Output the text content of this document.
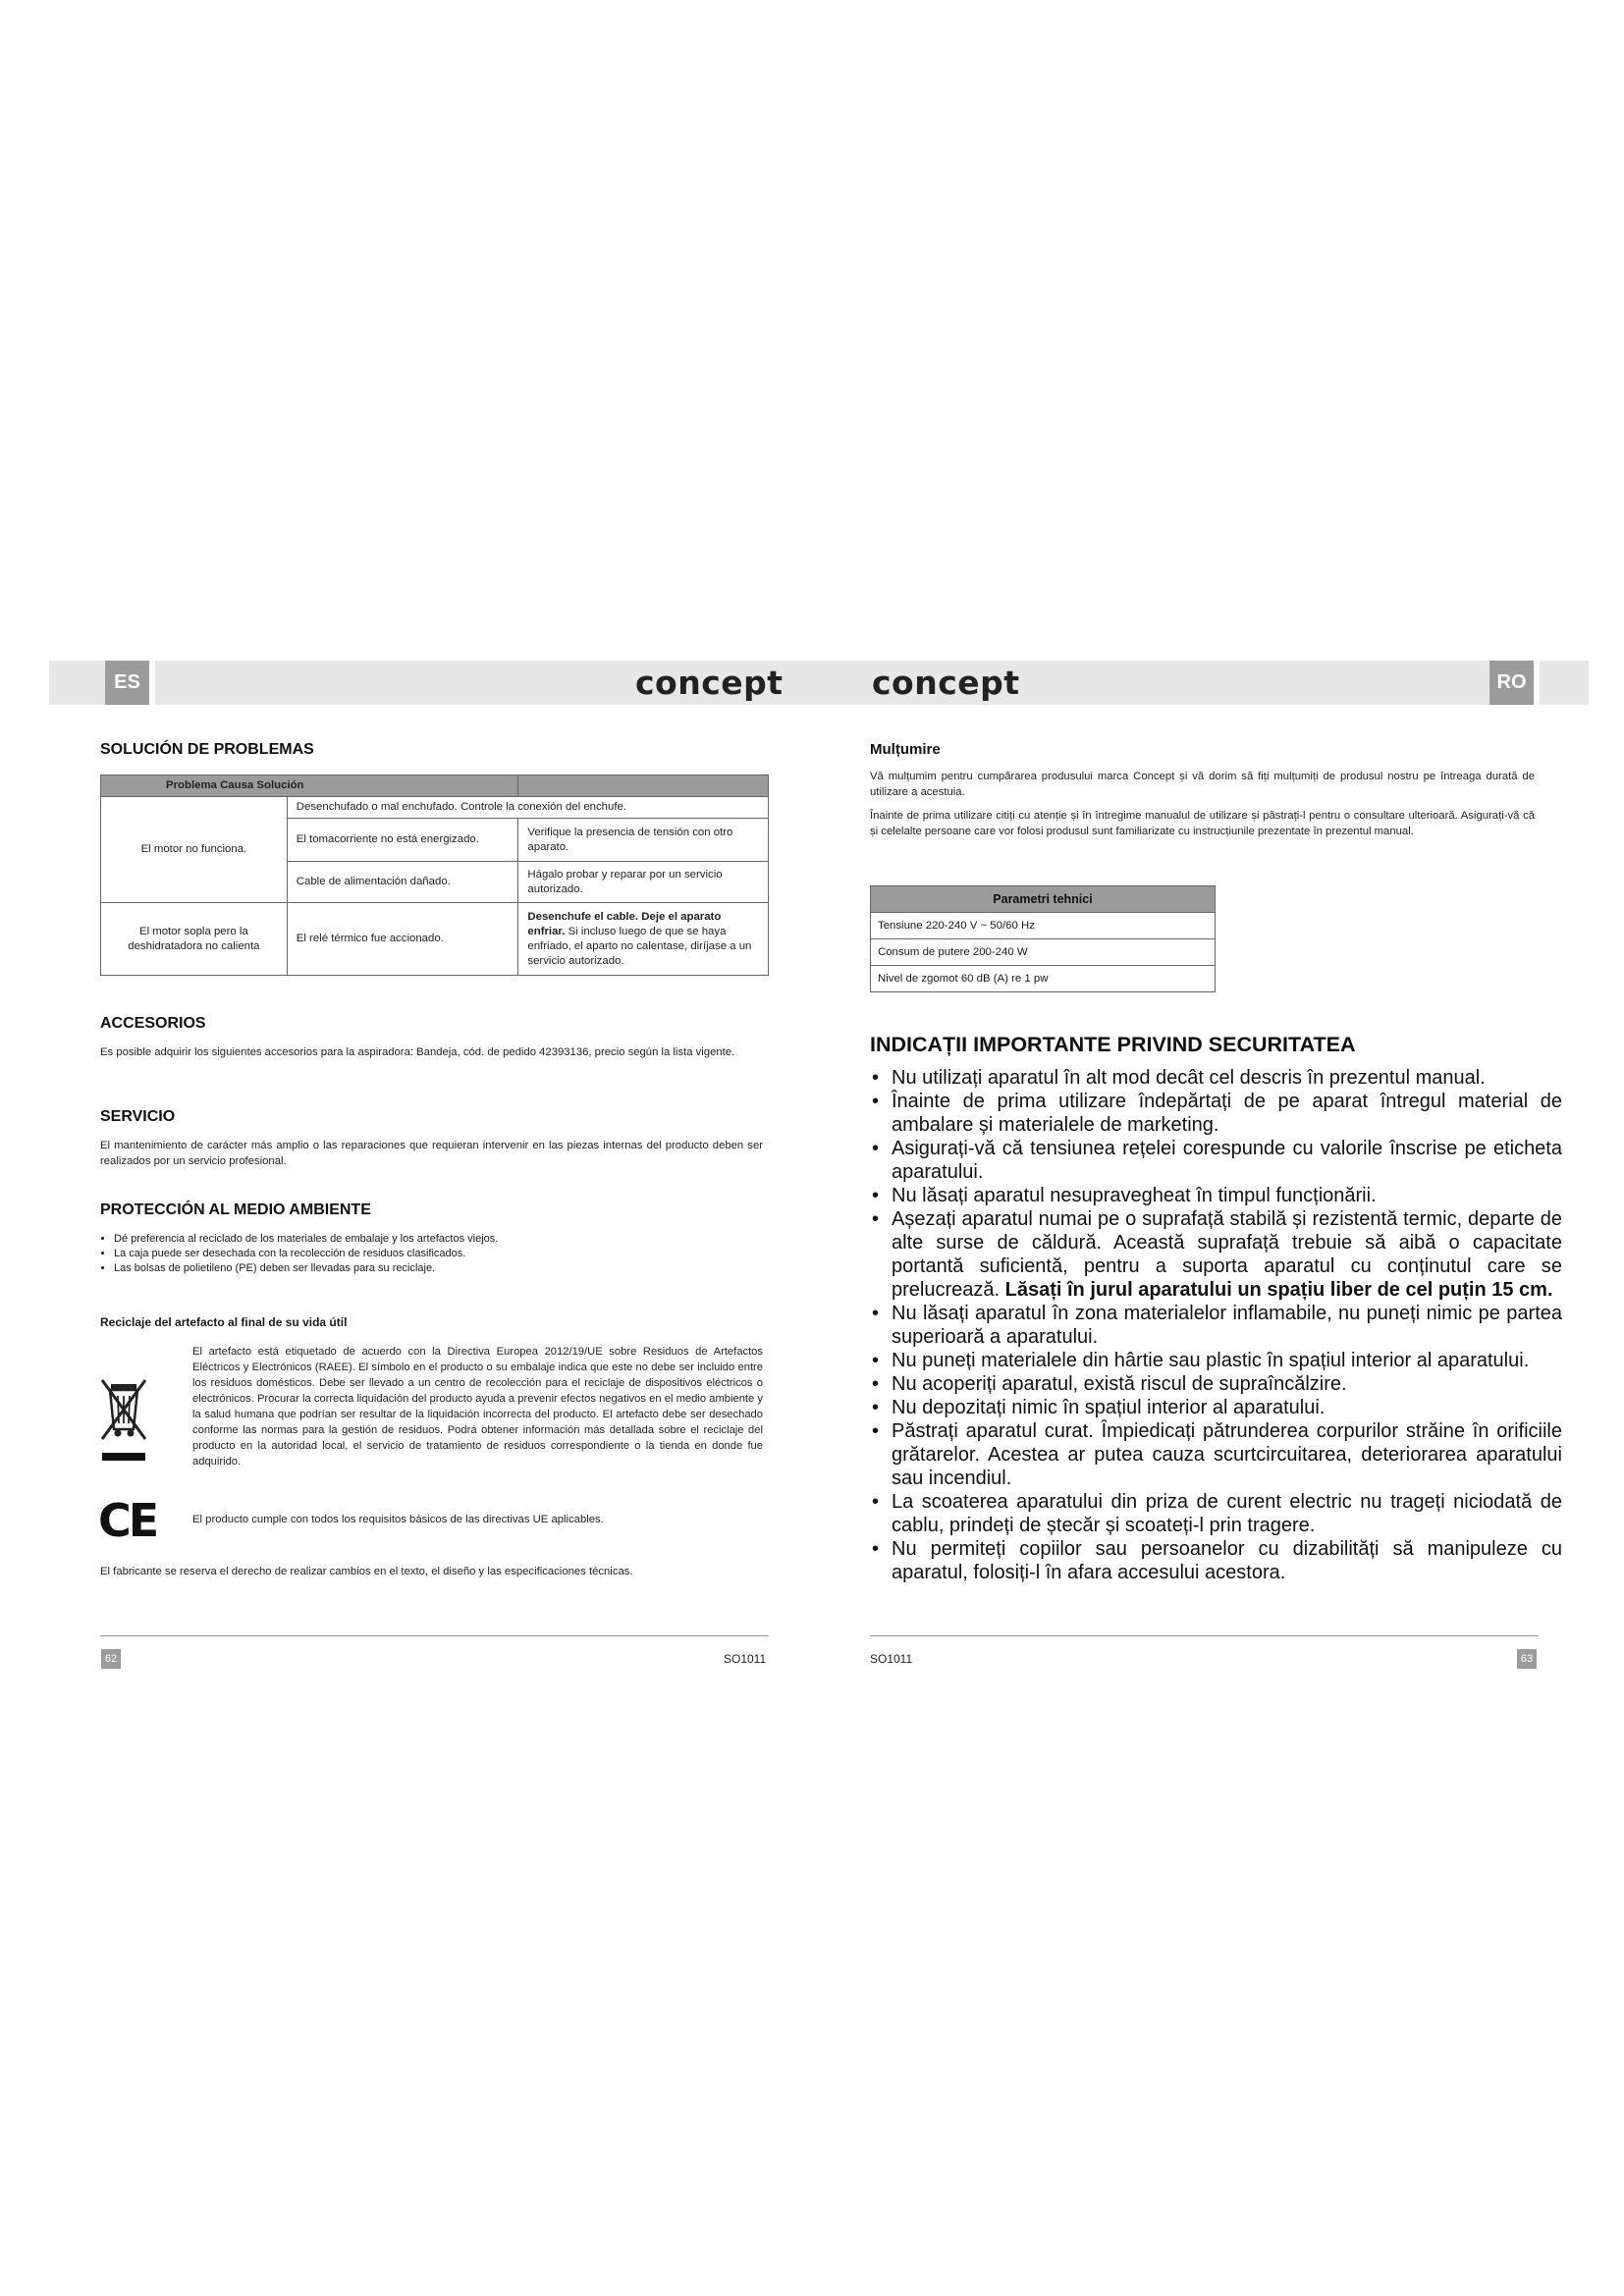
ES	RO
concept	concept
SOLUCIÓN DE PROBLEMAS
Problema Causa Solución		
El motor no funciona.	Desenchufado o mal enchufado. Controle la conexión del enchufe.	
	El tomacorriente no está energizado.	Verifique la presencia de tensión con otro aparato.
	Cable de alimentación dañado.	Hágalo probar y reparar por un servicio autorizado.
El motor sopla pero la deshidratadora no calienta	El relé térmico fue accionado.	Desenchufe el cable. Deje el aparato enfriar. Si incluso luego de que se haya enfriado, el aparto no calentase, diríjase a un servicio autorizado.
ACCESORIOS
Es posible adquirir los siguientes accesorios para la aspiradora: Bandeja, cód. de pedido 42393136, precio según la lista vigente.
SERVICIO
El mantenimiento de carácter más amplio o las reparaciones que requieran intervenir en las piezas internas del producto deben ser realizados por un servicio profesional.
PROTECCIÓN AL MEDIO AMBIENTE
• Dé preferencia al reciclado de los materiales de embalaje y los artefactos viejos.
• La caja puede ser desechada con la recolección de residuos clasificados.
• Las bolsas de polietileno (PE) deben ser llevadas para su reciclaje.
Reciclaje del artefacto al final de su vida útil
El artefacto está etiquetado de acuerdo con la Directiva Europea 2012/19/UE sobre Residuos de Artefactos Eléctricos y Electrónicos (RAEE). El símbolo en el producto o su embalaje indica que este no debe ser incluido entre los residuos domésticos. Debe ser llevado a un centro de recolección para el reciclaje de dispositivos eléctricos o electrónicos. Procurar la correcta liquidación del producto ayuda a prevenir efectos negativos en el medio ambiente y la salud humana que podrían ser resultar de la liquidación incorrecta del producto. El artefacto debe ser desechado conforme las normas para la gestión de residuos. Podrá obtener información más detallada sobre el reciclaje del producto en la autoridad local, el servicio de tratamiento de residuos correspondiente o la tienda en donde fue adquirido.
CE	El producto cumple con todos los requisitos básicos de las directivas UE aplicables.
El fabricante se reserva el derecho de realizar cambios en el texto, el diseño y las especificaciones técnicas.
62	SO1011
Mulțumire
Vă mulțumim pentru cumpărarea produsului marca Concept și vă dorim să fiți mulțumiți de produsul nostru pe întreaga durată de utilizare a acestuia.
Înainte de prima utilizare citiți cu atenție și în întregime manualul de utilizare și păstrați-l pentru o consultare ulterioară. Asigurați-vă că și celelalte persoane care vor folosi produsul sunt familiarizate cu instrucțiunile prezentate în prezentul manual.
Parametri tehnici
Tensiune 220-240 V ~ 50/60 Hz
Consum de putere 200-240 W
Nivel de zgomot 60 dB (A) re 1 pw
INDICAȚII IMPORTANTE PRIVIND SECURITATEA
• Nu utilizați aparatul în alt mod decât cel descris în prezentul manual.
• Înainte de prima utilizare îndepărtați de pe aparat întregul material de ambalare și materialele de marketing.
• Asigurați-vă că tensiunea rețelei corespunde cu valorile înscrise pe eticheta aparatului.
• Nu lăsați aparatul nesupravegheat în timpul funcționării.
• Așezați aparatul numai pe o suprafață stabilă și rezistentă termic, departe de alte surse de căldură. Această suprafață trebuie să aibă o capacitate portantă suficientă, pentru a suporta aparatul cu conținutul care se prelucrează. Lăsați în jurul aparatului un spațiu liber de cel puțin 15 cm.
• Nu lăsați aparatul în zona materialelor inflamabile, nu puneți nimic pe partea superioară a aparatului.
• Nu puneți materialele din hârtie sau plastic în spațiul interior al aparatului.
• Nu acoperiți aparatul, există riscul de supraîncălzire.
• Nu depozitați nimic în spațiul interior al aparatului.
• Păstrați aparatul curat. Împiedicați pătrunderea corpurilor străine în orificiile grătarelor. Acestea ar putea cauza scurtcircuitarea, deteriorarea aparatului sau incendiul.
• La scoaterea aparatului din priza de curent electric nu trageți niciodată de cablu, prindeți de ștecăr și scoateți-l prin tragere.
• Nu permiteți copiilor sau persoanelor cu dizabilități să manipuleze cu aparatul, folosiți-l în afara accesului acestora.
SO1011	63
